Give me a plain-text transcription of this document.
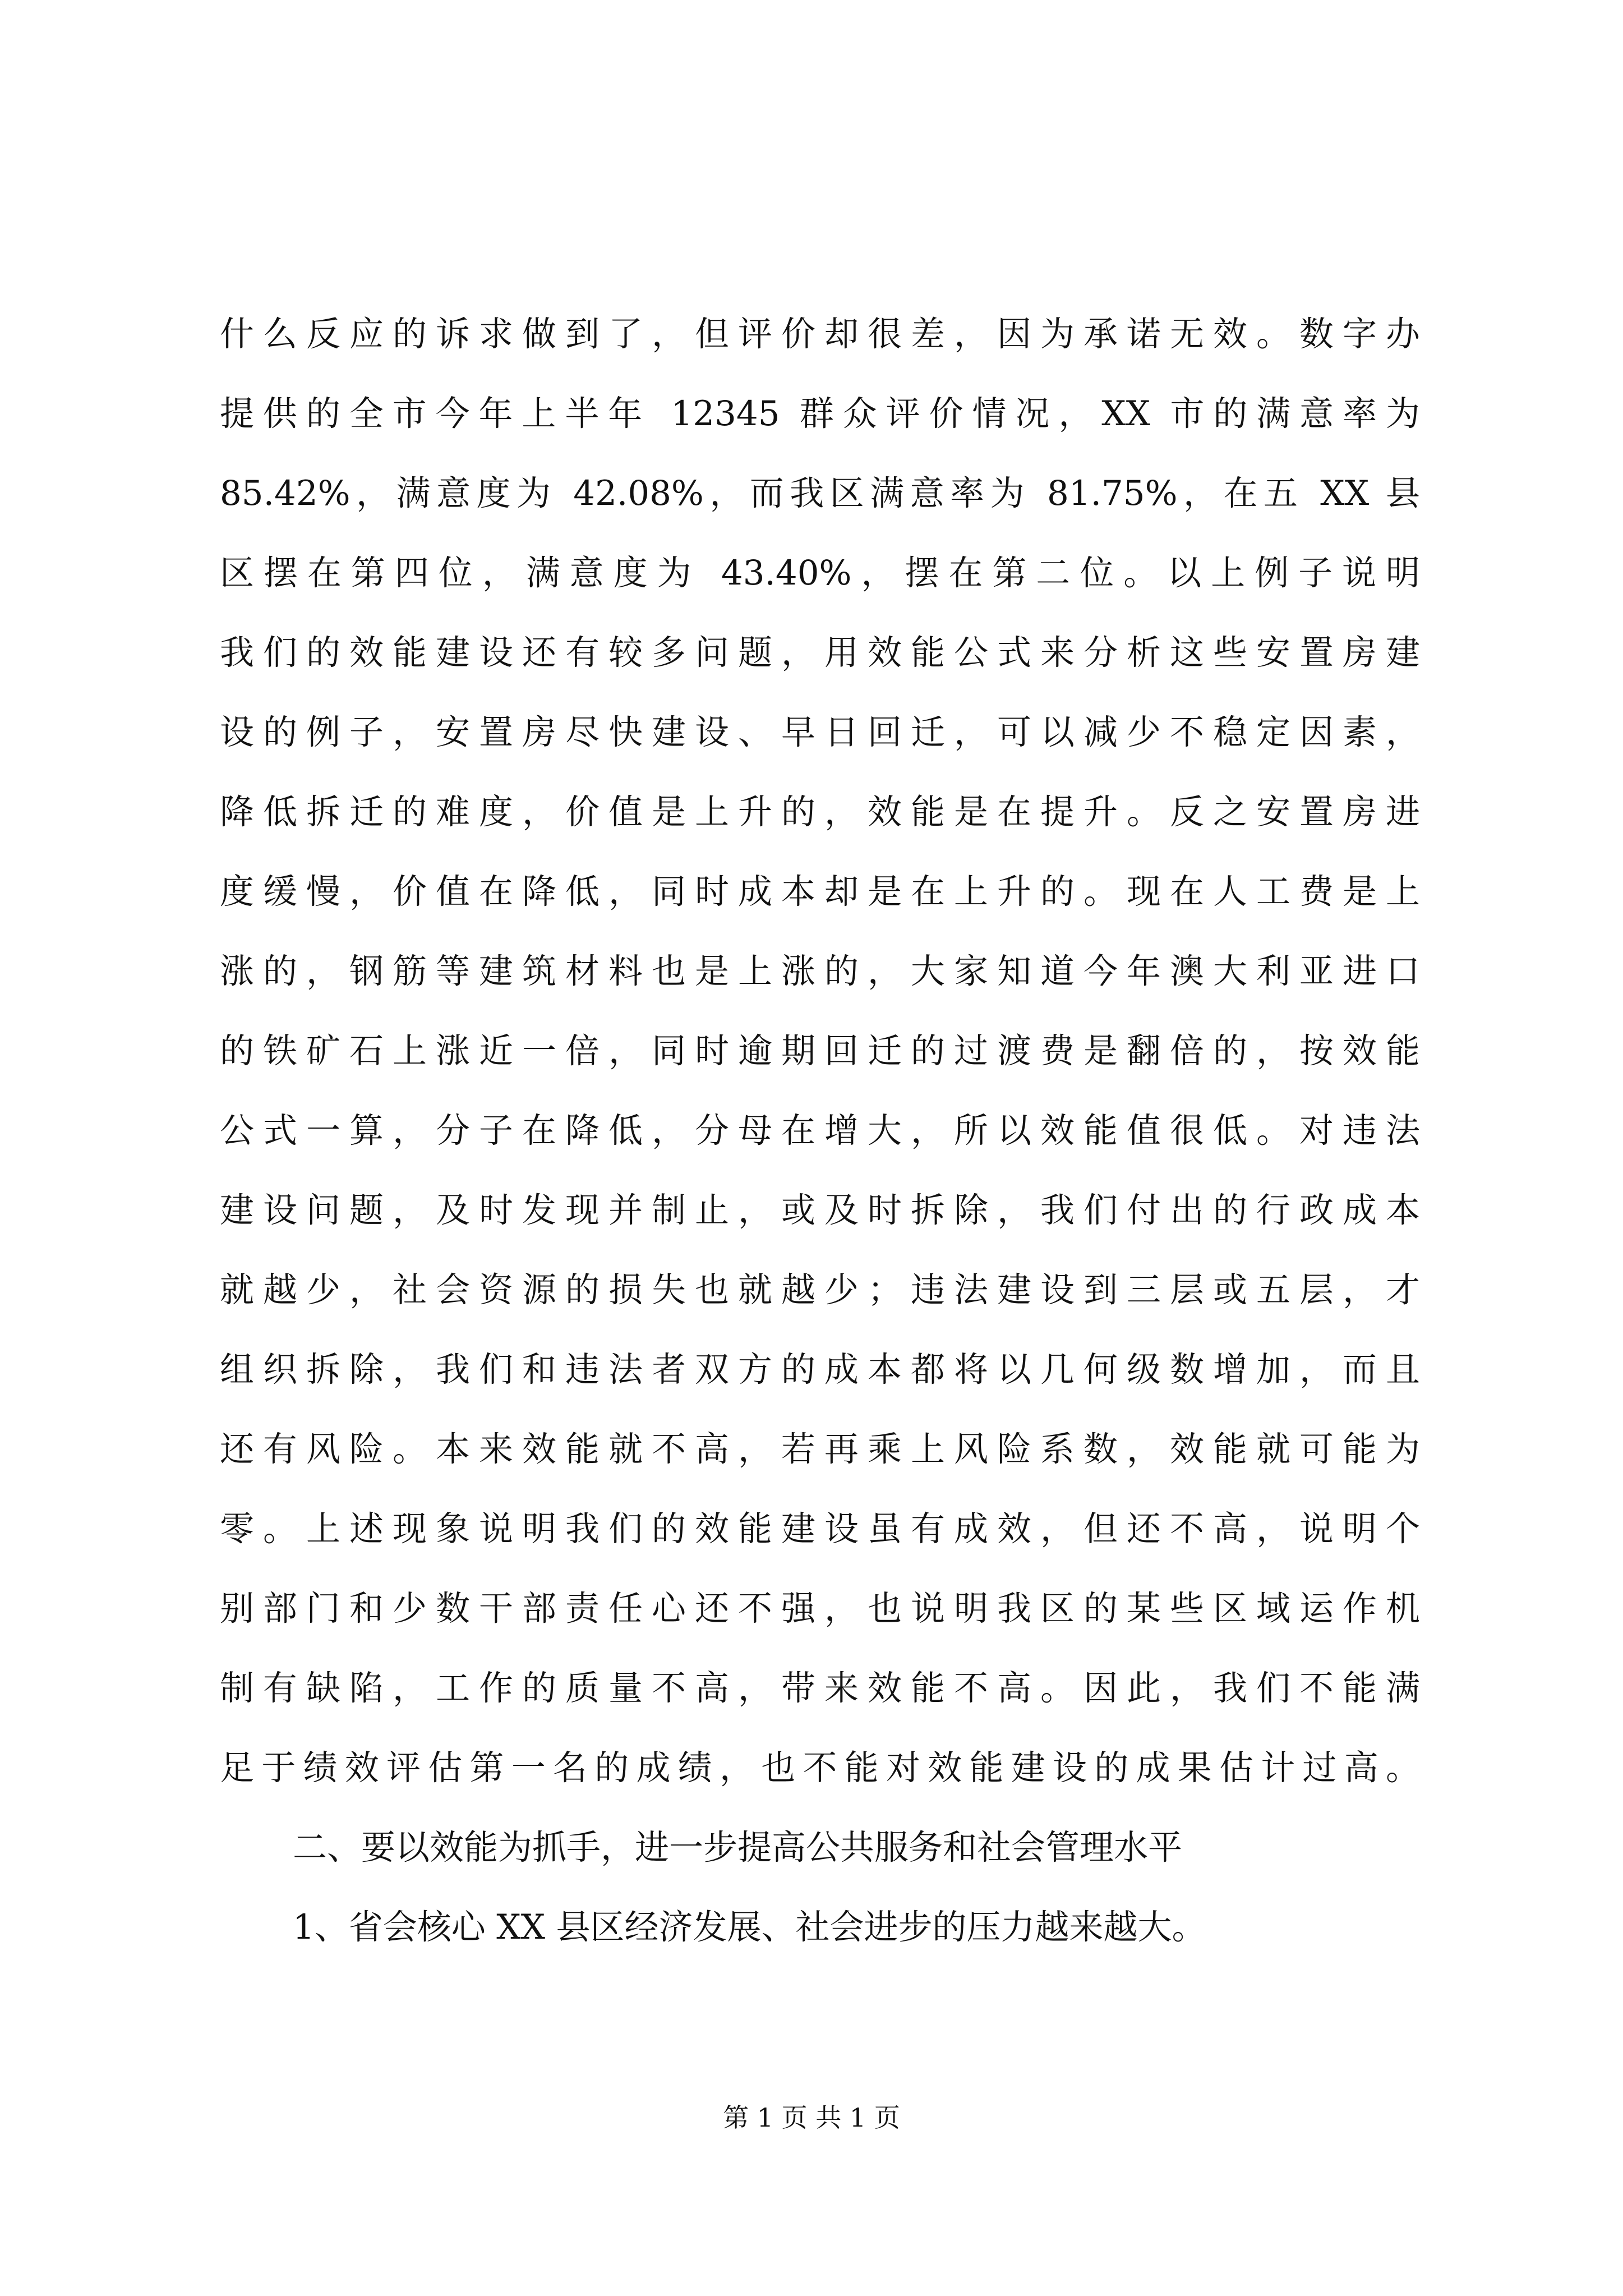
什么反应的诉求做到了，但评价却很差，因为承诺无效。数字办
提供的全市今年上半年 12345 群众评价情况，XX 市的满意率为
85.42%，满意度为 42.08%，而我区满意率为 81.75%，在五 XX 县
区摆在第四位，满意度为 43.40%，摆在第二位。以上例子说明
我们的效能建设还有较多问题，用效能公式来分析这些安置房建
设的例子，安置房尽快建设、早日回迁，可以减少不稳定因素，
降低拆迁的难度，价值是上升的，效能是在提升。反之安置房进
度缓慢，价值在降低，同时成本却是在上升的。现在人工费是上
涨的，钢筋等建筑材料也是上涨的，大家知道今年澳大利亚进口
的铁矿石上涨近一倍，同时逾期回迁的过渡费是翻倍的，按效能
公式一算，分子在降低，分母在增大，所以效能值很低。对违法
建设问题，及时发现并制止，或及时拆除，我们付出的行政成本
就越少，社会资源的损失也就越少；违法建设到三层或五层，才
组织拆除，我们和违法者双方的成本都将以几何级数增加，而且
还有风险。本来效能就不高，若再乘上风险系数，效能就可能为
零。上述现象说明我们的效能建设虽有成效，但还不高，说明个
别部门和少数干部责任心还不强，也说明我区的某些区域运作机
制有缺陷，工作的质量不高，带来效能不高。因此，我们不能满
足于绩效评估第一名的成绩，也不能对效能建设的成果估计过高。
二、要以效能为抓手，进一步提高公共服务和社会管理水平
1、省会核心 XX 县区经济发展、社会进步的压力越来越大。
第 1 页 共 1 页
